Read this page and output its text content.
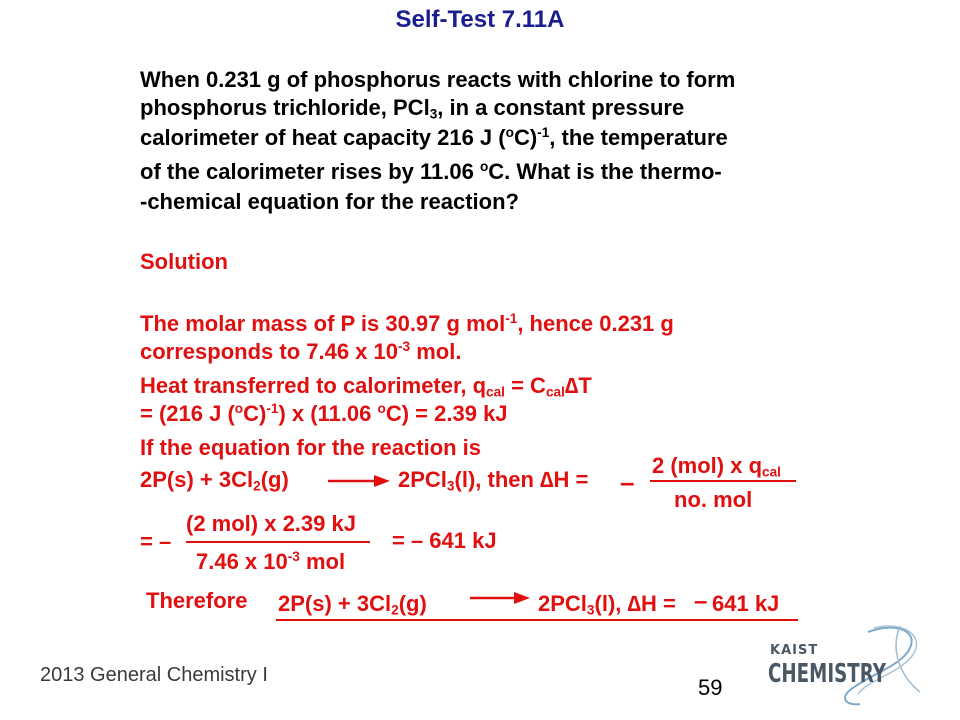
Self-Test 7.11A
When 0.231 g of phosphorus reacts with chlorine to form
phosphorus trichloride, PCl$_3$, in a constant pressure
calorimeter of heat capacity 216 J $(^oC)^{-1}$, the temperature
of the calorimeter rises by 11.06 $^o$C. What is the thermo-
-chemical equation for the reaction?
Solution
The molar mass of P is 30.97 g mol$^{-1}$, hence 0.231 g
corresponds to 7.46 x $10^{-3}$ mol.
Heat transferred to calorimeter, $q_{cal} = C_{cal}\Delta T$
= (216 J $(^oC)^{-1}$) x (11.06 $^o$C) = 2.39 kJ
If the equation for the reaction is
$2P(s) + 3Cl_2(g) \to 2PCl_3(l)$, then ∆H = –
2 (mol) x $q_{cal}$
no. mol
= –
(2 mol) x 2.39 kJ
7.46 x $10^{-3}$ mol
= – 641 kJ
Therefore $2P(s) + 3Cl_2(g)$	→ 2PCl$_3$(l), ∆H = – 641 kJ
2013 General Chemistry I	59
KAIST
CHEMISTRY
